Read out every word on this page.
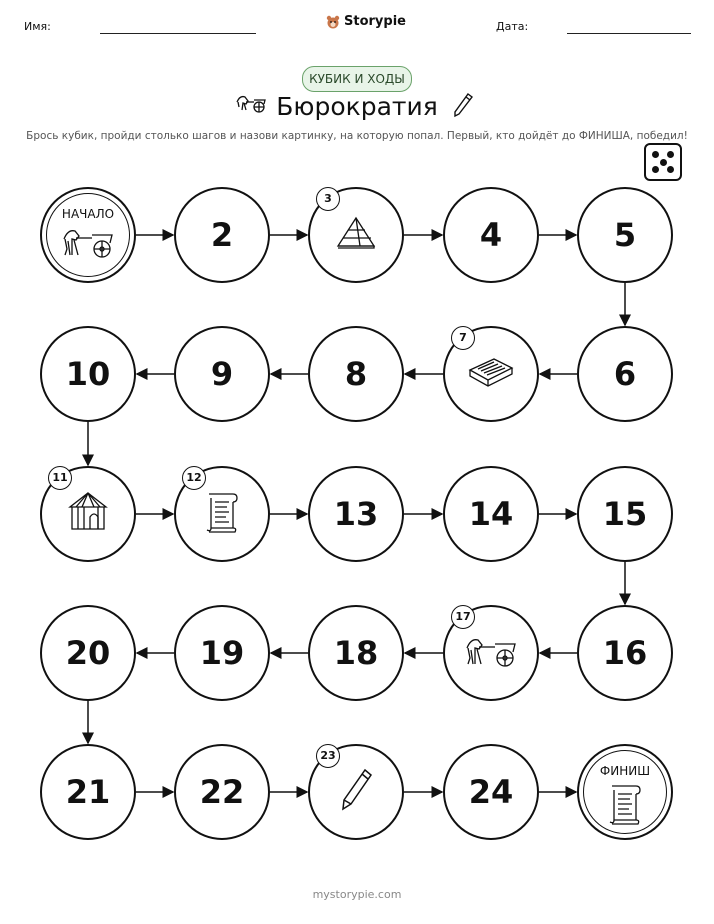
Имя:	Storypie	Дата:
КУБИК И ХОДЫ
Бюрократия
Брось кубик, пройди столько шагов и назови картинку, на которую попал. Первый, кто дойдёт до ФИНИША, победил!
НАЧАЛО
2
3
4	5
6
7
8
9
10
11	12
13	14	15
16
17
18
19
20
21	22
23
24
ФИНИШ
mystorypie.com
